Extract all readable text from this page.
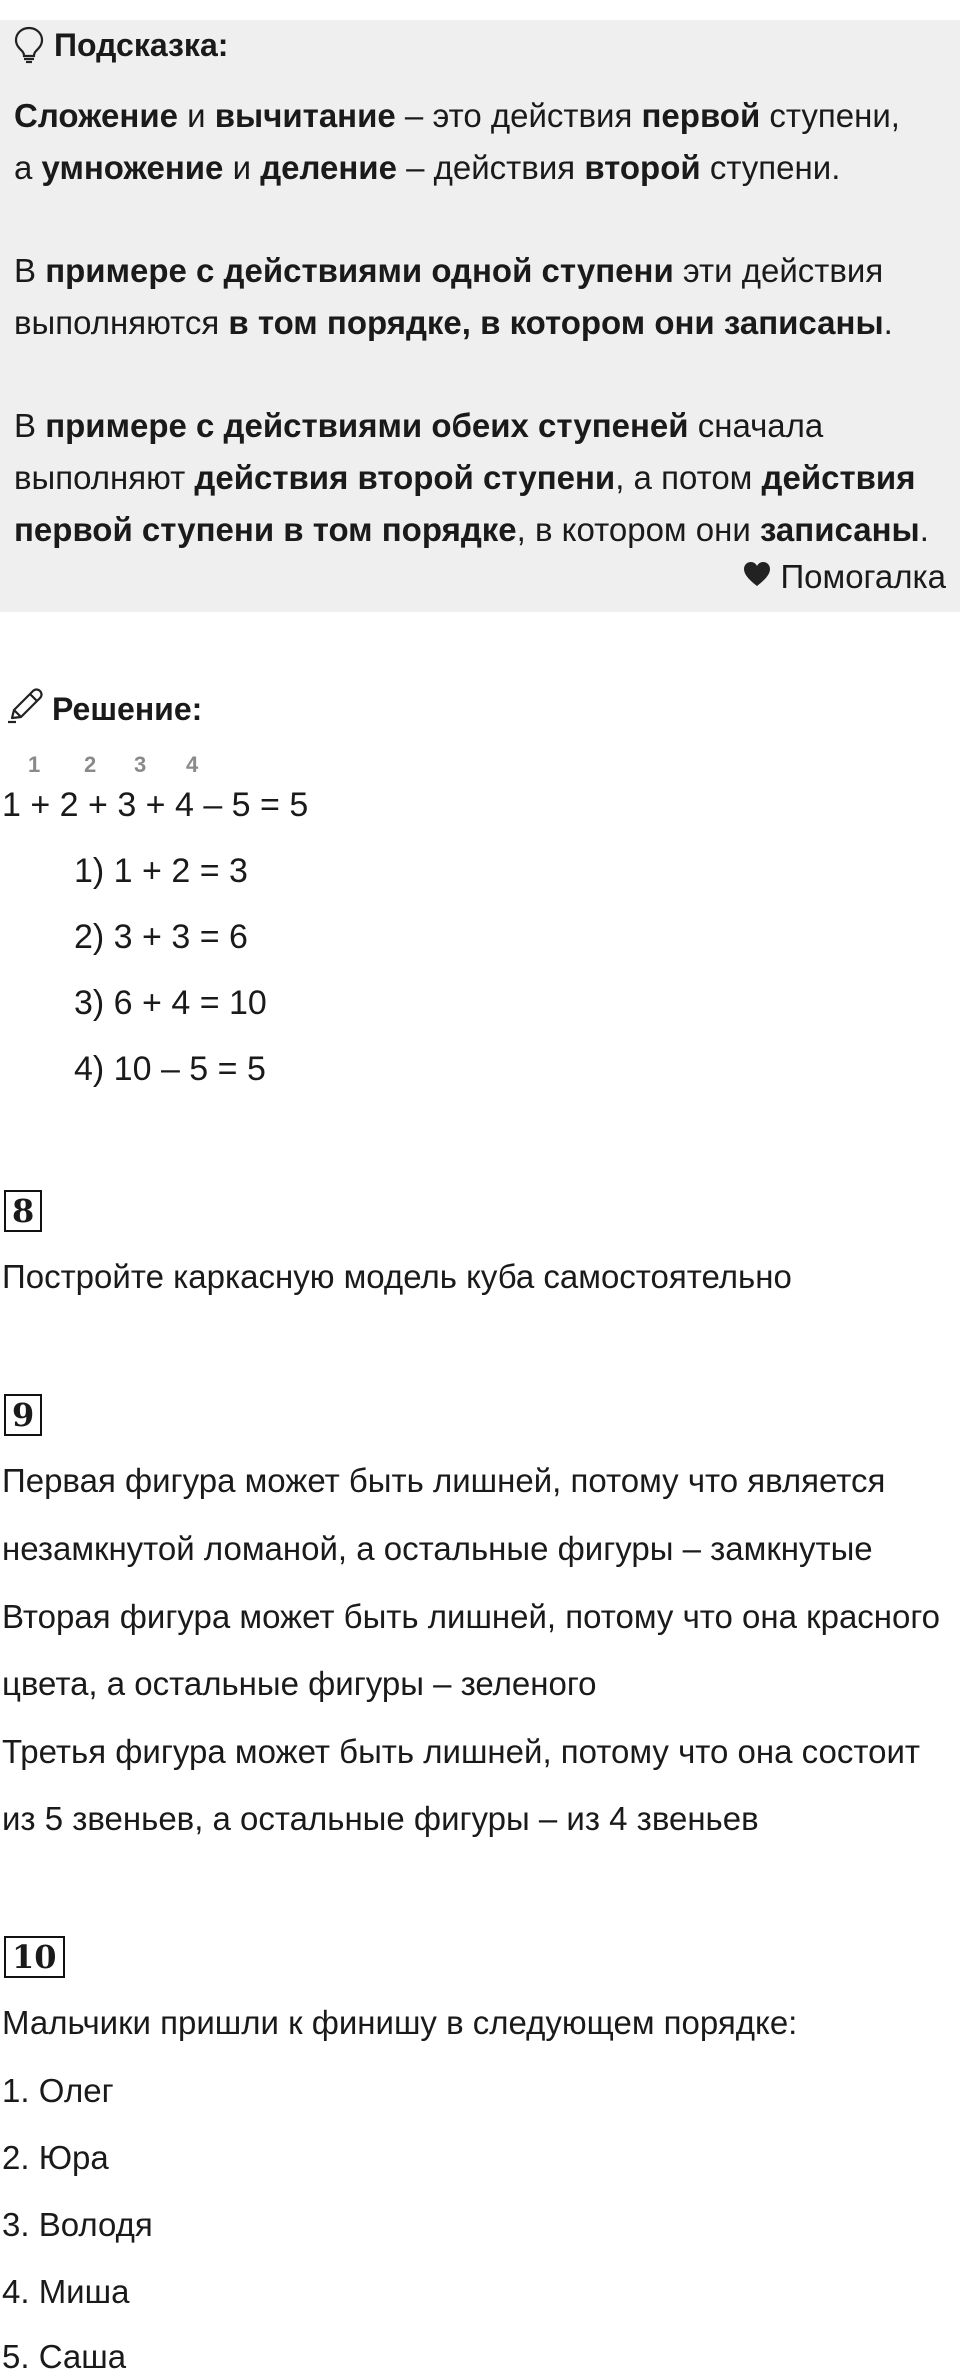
Подсказка:
Сложение и вычитание – это действия первой ступени,
а умножение и деление – действия второй ступени.
В примере с действиями одной ступени эти действия
выполняются в том порядке, в котором они записаны.
В примере с действиями обеих ступеней сначала
выполняют действия второй ступени, а потом действия
первой ступени в том порядке, в котором они записаны.
Помогалка
Решение:
1 2 3 4
1 + 2 + 3 + 4 – 5 = 5
1) 1 + 2 = 3
2) 3 + 3 = 6
3) 6 + 4 = 10
4) 10 – 5 = 5
8
Постройте каркасную модель куба самостоятельно
9
Первая фигура может быть лишней, потому что является
незамкнутой ломаной, а остальные фигуры – замкнутые
Вторая фигура может быть лишней, потому что она красного
цвета, а остальные фигуры – зеленого
Третья фигура может быть лишней, потому что она состоит
из 5 звеньев, а остальные фигуры – из 4 звеньев
10
Мальчики пришли к финишу в следующем порядке:
1. Олег
2. Юра
3. Володя
4. Миша
5. Саша
